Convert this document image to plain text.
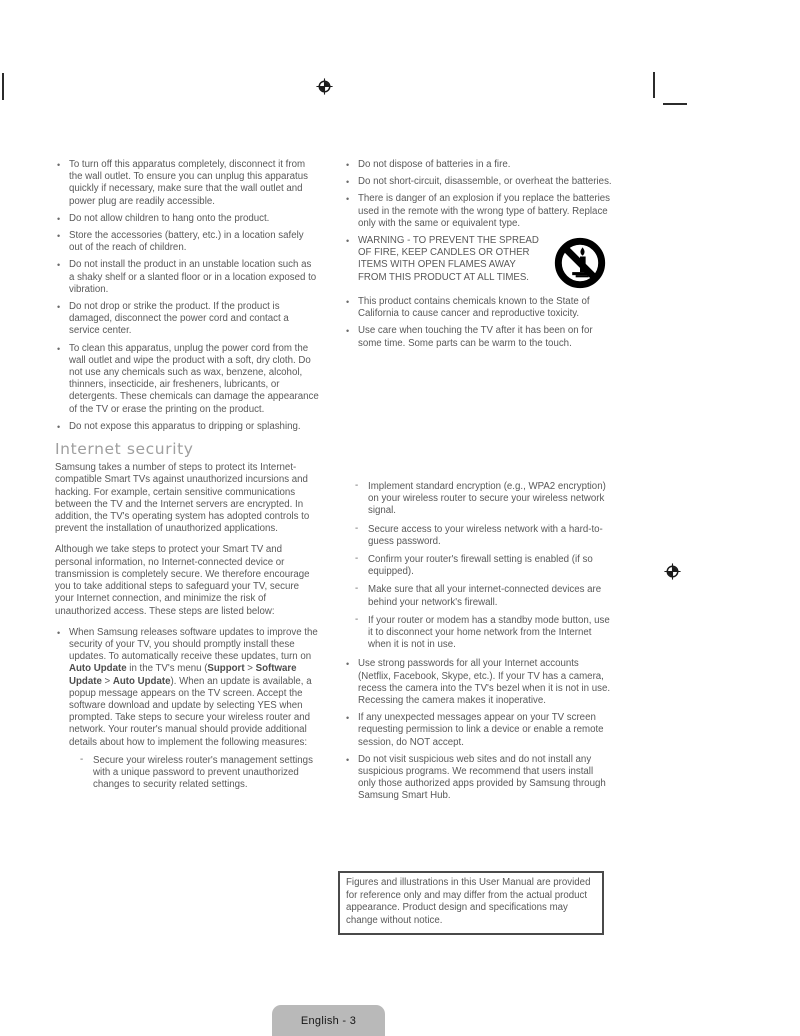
• To turn off this apparatus completely, disconnect it from the wall outlet. To ensure you can unplug this apparatus quickly if necessary, make sure that the wall outlet and power plug are readily accessible.
• Do not allow children to hang onto the product.
• Store the accessories (battery, etc.) in a location safely out of the reach of children.
• Do not install the product in an unstable location such as a shaky shelf or a slanted floor or in a location exposed to vibration.
• Do not drop or strike the product. If the product is damaged, disconnect the power cord and contact a service center.
• To clean this apparatus, unplug the power cord from the wall outlet and wipe the product with a soft, dry cloth. Do not use any chemicals such as wax, benzene, alcohol, thinners, insecticide, air fresheners, lubricants, or detergents. These chemicals can damage the appearance of the TV or erase the printing on the product.
• Do not expose this apparatus to dripping or splashing.
Internet security

Samsung takes a number of steps to protect its Internet-compatible Smart TVs against unauthorized incursions and hacking. For example, certain sensitive communications between the TV and the Internet servers are encrypted. In addition, the TV's operating system has adopted controls to prevent the installation of unauthorized applications.

Although we take steps to protect your Smart TV and personal information, no Internet-connected device or transmission is completely secure. We therefore encourage you to take additional steps to safeguard your TV, secure your Internet connection, and minimize the risk of unauthorized access. These steps are listed below:

• When Samsung releases software updates to improve the security of your TV, you should promptly install these updates. To automatically receive these updates, turn on Auto Update in the TV's menu (Support > Software Update > Auto Update). When an update is available, a popup message appears on the TV screen. Accept the software download and update by selecting YES when prompted. Take steps to secure your wireless router and network. Your router's manual should provide additional details about how to implement the following measures:
- Secure your wireless router's management settings with a unique password to prevent unauthorized changes to security related settings.
• Do not dispose of batteries in a fire.
• Do not short-circuit, disassemble, or overheat the batteries.
• There is danger of an explosion if you replace the batteries used in the remote with the wrong type of battery. Replace only with the same or equivalent type.
• WARNING - TO PREVENT THE SPREAD OF FIRE, KEEP CANDLES OR OTHER ITEMS WITH OPEN FLAMES AWAY FROM THIS PRODUCT AT ALL TIMES.
• This product contains chemicals known to the State of California to cause cancer and reproductive toxicity.
• Use care when touching the TV after it has been on for some time. Some parts can be warm to the touch.
- Implement standard encryption (e.g., WPA2 encryption) on your wireless router to secure your wireless network signal.
- Secure access to your wireless network with a hard-to-guess password.
- Confirm your router's firewall setting is enabled (if so equipped).
- Make sure that all your internet-connected devices are behind your network's firewall.
- If your router or modem has a standby mode button, use it to disconnect your home network from the Internet when it is not in use.
• Use strong passwords for all your Internet accounts (Netflix, Facebook, Skype, etc.). If your TV has a camera, recess the camera into the TV's bezel when it is not in use. Recessing the camera makes it inoperative.
• If any unexpected messages appear on your TV screen requesting permission to link a device or enable a remote session, do NOT accept.
• Do not visit suspicious web sites and do not install any suspicious programs. We recommend that users install only those authorized apps provided by Samsung through Samsung Smart Hub.
Figures and illustrations in this User Manual are provided for reference only and may differ from the actual product appearance. Product design and specifications may change without notice.
English - 3
